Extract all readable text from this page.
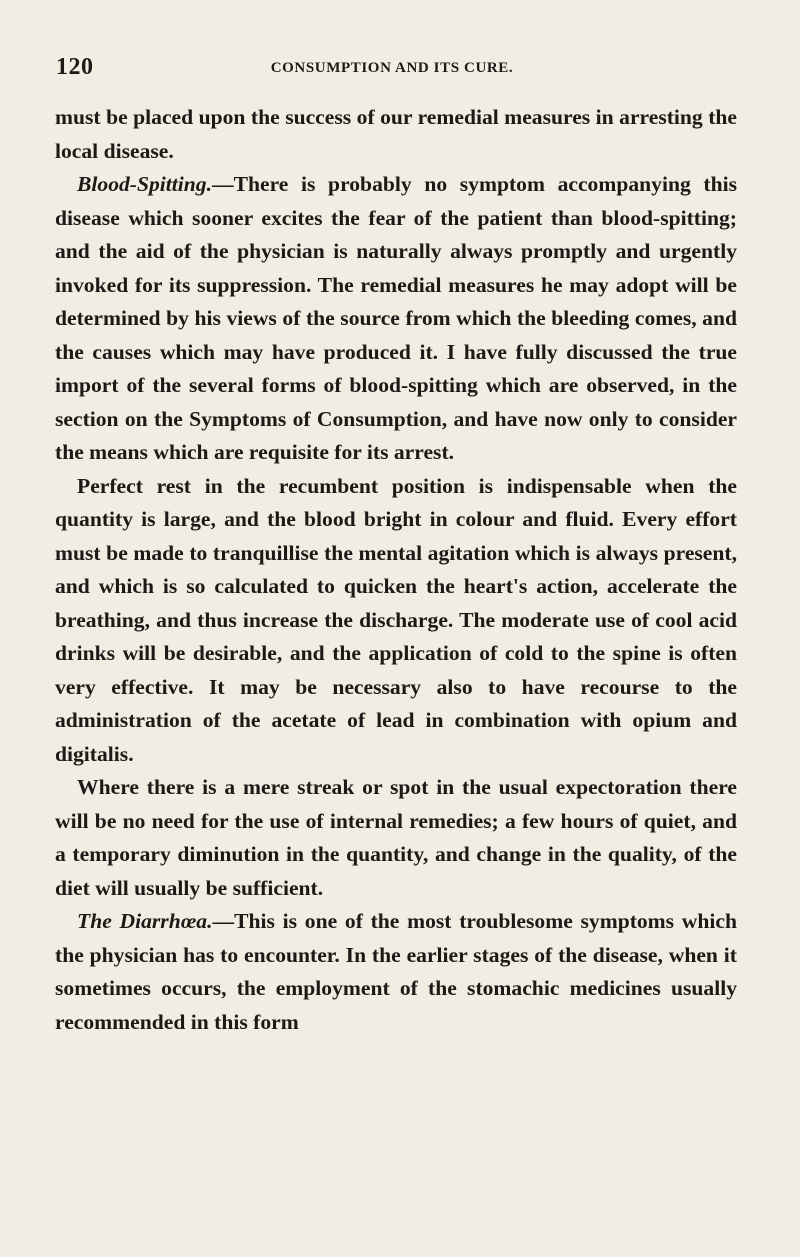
120	CONSUMPTION AND ITS CURE.

must be placed upon the success of our remedial measures in arresting the local disease.

Blood-Spitting.—There is probably no symptom accompanying this disease which sooner excites the fear of the patient than blood-spitting; and the aid of the physician is naturally always promptly and urgently invoked for its suppression. The remedial measures he may adopt will be determined by his views of the source from which the bleeding comes, and the causes which may have produced it. I have fully discussed the true import of the several forms of blood-spitting which are observed, in the section on the Symptoms of Consumption, and have now only to consider the means which are requisite for its arrest.

Perfect rest in the recumbent position is indispensable when the quantity is large, and the blood bright in colour and fluid. Every effort must be made to tranquillise the mental agitation which is always present, and which is so calculated to quicken the heart's action, accelerate the breathing, and thus increase the discharge. The moderate use of cool acid drinks will be desirable, and the application of cold to the spine is often very effective. It may be necessary also to have recourse to the administration of the acetate of lead in combination with opium and digitalis.

Where there is a mere streak or spot in the usual expectoration there will be no need for the use of internal remedies; a few hours of quiet, and a temporary diminution in the quantity, and change in the quality, of the diet will usually be sufficient.

The Diarrhœa.—This is one of the most troublesome symptoms which the physician has to encounter. In the earlier stages of the disease, when it sometimes occurs, the employment of the stomachic medicines usually recommended in this form
